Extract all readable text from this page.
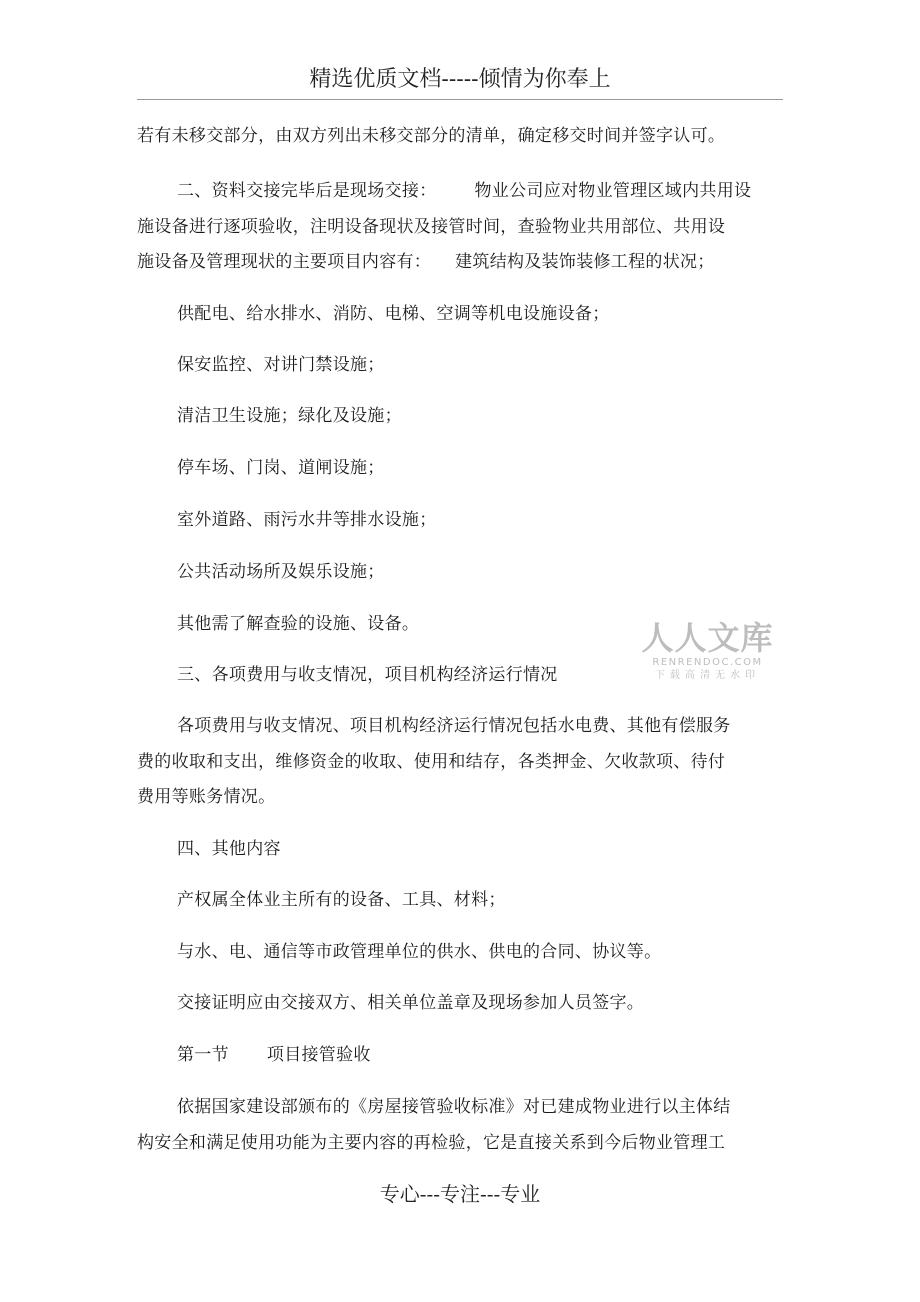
精选优质文档-----倾情为你奉上
若有未移交部分，由双方列出未移交部分的清单，确定移交时间并签字认可。
二、资料交接完毕后是现场交接： 物业公司应对物业管理区域内共用设
施设备进行逐项验收，注明设备现状及接管时间，查验物业共用部位、共用设
施设备及管理现状的主要项目内容有： 建筑结构及装饰装修工程的状况；
供配电、给水排水、消防、电梯、空调等机电设施设备；
保安监控、对讲门禁设施；
清洁卫生设施；绿化及设施；
停车场、门岗、道闸设施；
室外道路、雨污水井等排水设施；
公共活动场所及娱乐设施；
其他需了解查验的设施、设备。
三、各项费用与收支情况，项目机构经济运行情况
各项费用与收支情况、项目机构经济运行情况包括水电费、其他有偿服务
费的收取和支出，维修资金的收取、使用和结存，各类押金、欠收款项、待付
费用等账务情况。
四、其他内容
产权属全体业主所有的设备、工具、材料；
与水、电、通信等市政管理单位的供水、供电的合同、协议等。
交接证明应由交接双方、相关单位盖章及现场参加人员签字。
第一节 项目接管验收
依据国家建设部颁布的《房屋接管验收标准》对已建成物业进行以主体结
构安全和满足使用功能为主要内容的再检验，它是直接关系到今后物业管理工
人人文库
RENRENDOC.COM
下载高清无水印
专心---专注---专业
